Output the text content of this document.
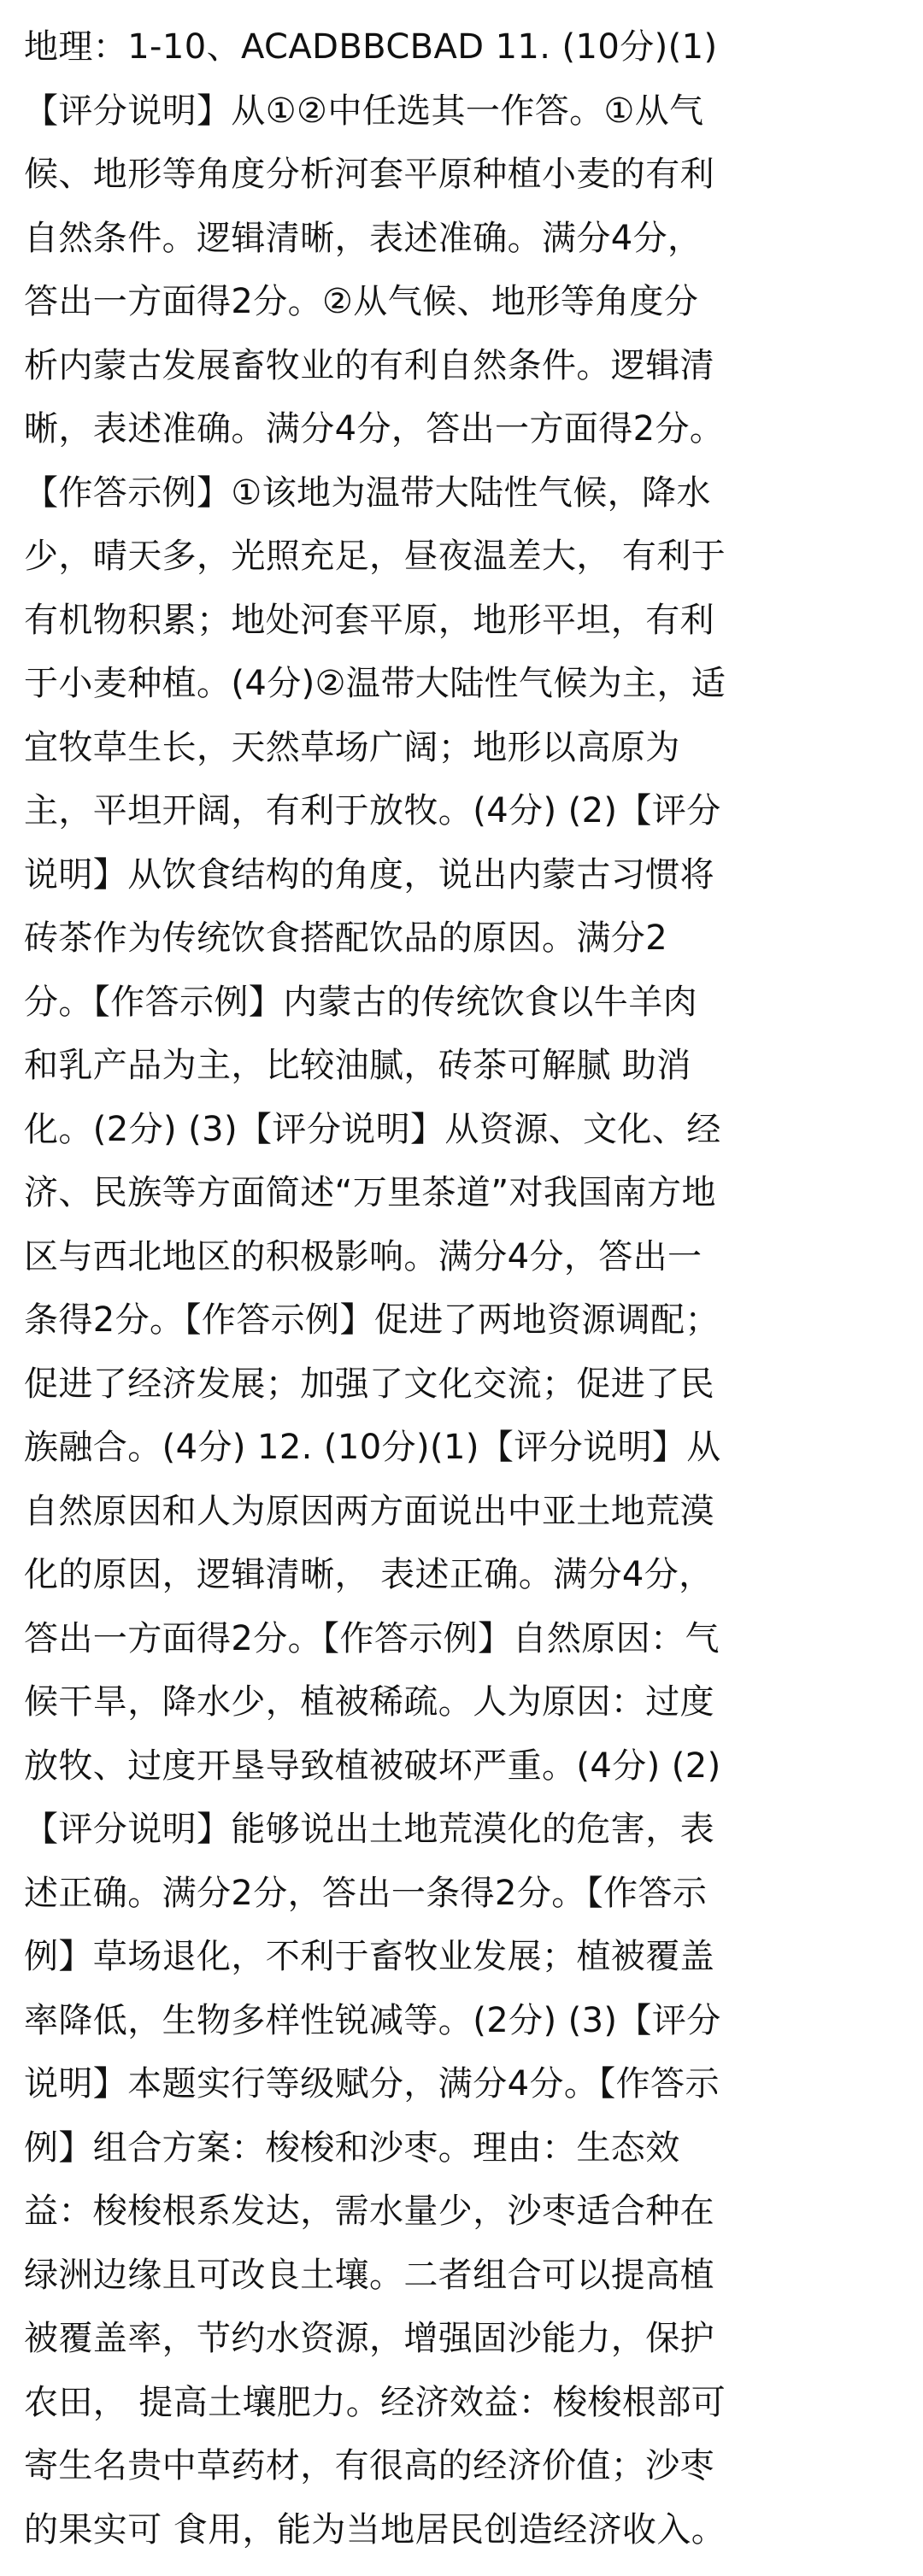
地理：1-10、ACADBBCBAD 11. (10分)(1)
【评分说明】从①②中任选其一作答。①从气
候、地形等角度分析河套平原种植小麦的有利
自然条件。逻辑清晰，表述准确。满分4分，
答出一方面得2分。②从气候、地形等角度分
析内蒙古发展畜牧业的有利自然条件。逻辑清
晰，表述准确。满分4分，答出一方面得2分。
【作答示例】①该地为温带大陆性气候，降水
少，晴天多，光照充足，昼夜温差大， 有利于
有机物积累；地处河套平原，地形平坦，有利
于小麦种植。(4分)②温带大陆性气候为主，适
宜牧草生长，天然草场广阔；地形以高原为
主，平坦开阔，有利于放牧。(4分) (2)【评分
说明】从饮食结构的角度，说出内蒙古习惯将
砖茶作为传统饮食搭配饮品的原因。满分2
分。【作答示例】内蒙古的传统饮食以牛羊肉
和乳产品为主，比较油腻，砖茶可解腻 助消
化。(2分) (3)【评分说明】从资源、文化、经
济、民族等方面简述“万里茶道”对我国南方地
区与西北地区的积极影响。满分4分，答出一
条得2分。【作答示例】促进了两地资源调配；
促进了经济发展；加强了文化交流；促进了民
族融合。(4分) 12. (10分)(1)【评分说明】从
自然原因和人为原因两方面说出中亚土地荒漠
化的原因，逻辑清晰， 表述正确。满分4分，
答出一方面得2分。【作答示例】自然原因：气
候干旱，降水少，植被稀疏。人为原因：过度
放牧、过度开垦导致植被破坏严重。(4分) (2)
【评分说明】能够说出土地荒漠化的危害，表
述正确。满分2分，答出一条得2分。【作答示
例】草场退化，不利于畜牧业发展；植被覆盖
率降低，生物多样性锐减等。(2分) (3)【评分
说明】本题实行等级赋分，满分4分。【作答示
例】组合方案：梭梭和沙枣。理由：生态效
益：梭梭根系发达，需水量少，沙枣适合种在
绿洲边缘且可改良土壤。二者组合可以提高植
被覆盖率，节约水资源，增强固沙能力，保护
农田， 提高土壤肥力。经济效益：梭梭根部可
寄生名贵中草药材，有很高的经济价值；沙枣
的果实可 食用，能为当地居民创造经济收入。
